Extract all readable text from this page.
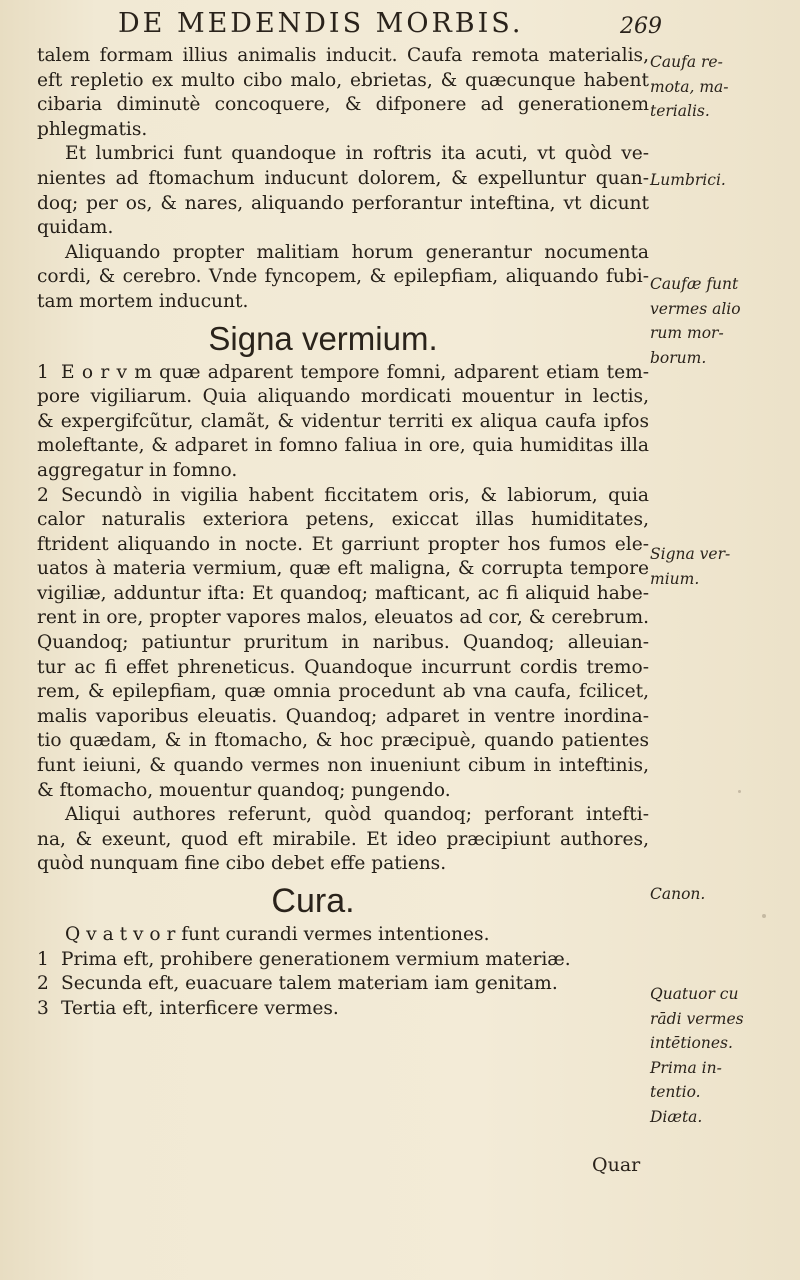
DE MEDENDIS MORBIS.	269
talem formam illius animalis inducit. Caufa remota materialis,
eft repletio ex multo cibo malo, ebrietas, & quæcunque habent
cibaria diminutè concoquere, & difponere ad generationem
phlegmatis.
Et lumbrici funt quandoque in roftris ita acuti, vt quòd ve-
nientes ad ftomachum inducunt dolorem, & expelluntur quan-
doq; per os, & nares, aliquando perforantur inteftina, vt dicunt
quidam.
Aliquando propter malitiam horum generantur nocumenta
cordi, & cerebro. Vnde fyncopem, & epilepfiam, aliquando fubi-
tam mortem inducunt.
Signa vermium.
1 E o r v m quæ adparent tempore fomni, adparent etiam tem-
pore vigiliarum. Quia aliquando mordicati mouentur in lectis,
& expergifcũtur, clamãt, & videntur territi ex aliqua caufa ipfos
moleftante, & adparet in fomno faliua in ore, quia humiditas illa
aggregatur in fomno.
2 Secundò in vigilia habent ficcitatem oris, & labiorum, quia
calor naturalis exteriora petens, exiccat illas humiditates,
ftrident aliquando in nocte. Et garriunt propter hos fumos ele-
uatos à materia vermium, quæ eft maligna, & corrupta tempore
vigiliæ, adduntur ifta: Et quandoq; mafticant, ac fi aliquid habe-
rent in ore, propter vapores malos, eleuatos ad cor, & cerebrum.
Quandoq; patiuntur pruritum in naribus. Quandoq; alleuian-
tur ac fi effet phreneticus. Quandoque incurrunt cordis tremo-
rem, & epilepfiam, quæ omnia procedunt ab vna caufa, fcilicet,
malis vaporibus eleuatis. Quandoq; adparet in ventre inordina-
tio quædam, & in ftomacho, & hoc præcipuè, quando patientes
funt ieiuni, & quando vermes non inueniunt cibum in inteftinis,
& ftomacho, mouentur quandoq; pungendo.
Aliqui authores referunt, quòd quandoq; perforant intefti-
na, & exeunt, quod eft mirabile. Et ideo præcipiunt authores,
quòd nunquam fine cibo debet effe patiens.
Cura.
Q v a t v o r funt curandi vermes intentiones.
1 Prima eft, prohibere generationem vermium materiæ.
2 Secunda eft, euacuare talem materiam iam genitam.
3 Tertia eft, interficere vermes.
Quar
Caufa re-
mota, ma-
terialis.
Lumbrici.
Caufæ funt
vermes alio
rum mor-
borum.
Signa ver-
mium.
Canon.
Quatuor cu
rādi vermes
intētiones.
Prima in-
tentio.
Diæta.
